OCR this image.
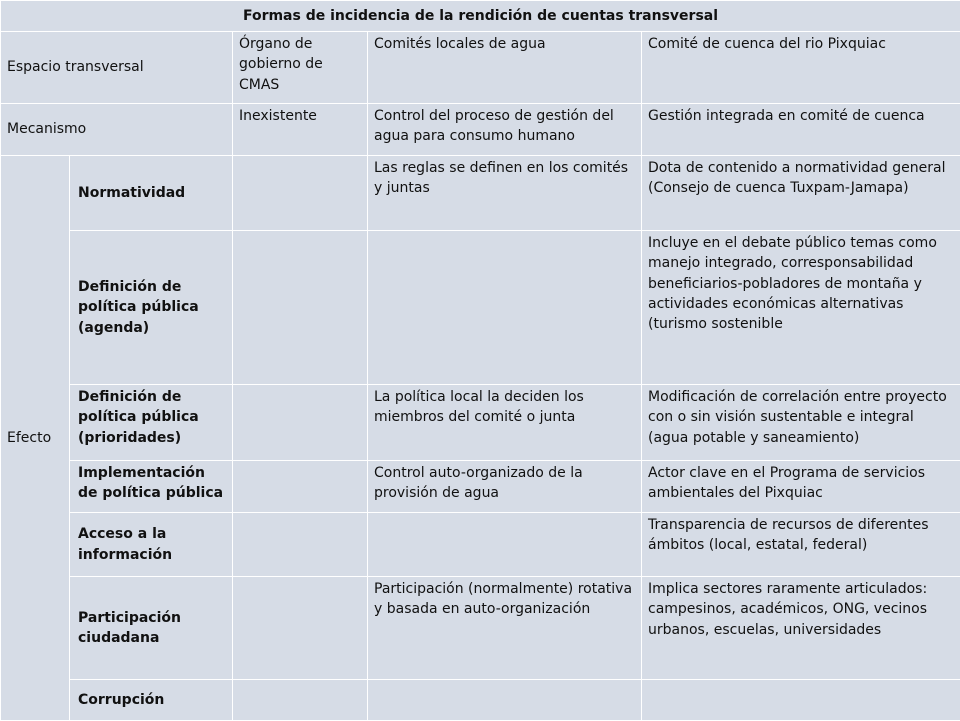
Formas de incidencia de la rendición de cuentas transversal				
Espacio transversal		Órgano de gobierno de CMAS	Comités locales de agua	Comité de cuenca del rio Pixquiac
Mecanismo		Inexistente	Control del proceso de gestión del agua para consumo humano	Gestión integrada en comité de cuenca
Efecto	Normatividad		Las reglas se definen en los comités y juntas	Dota de contenido a normatividad general (Consejo de cuenca Tuxpam-Jamapa)
	Definición de política pública (agenda)			Incluye en el debate público temas como manejo integrado, corresponsabilidad beneficiarios-pobladores de montaña y actividades económicas alternativas (turismo sostenible
	Definición de política pública (prioridades)		La política local la deciden los miembros del comité o junta	Modificación de correlación entre proyecto con o sin visión sustentable e integral (agua potable y saneamiento)
	Implementación de política pública		Control auto-organizado de la provisión de agua	Actor clave en el Programa de servicios ambientales del Pixquiac
	Acceso a la información			Transparencia de recursos de diferentes ámbitos (local, estatal, federal)
	Participación ciudadana		Participación (normalmente) rotativa y basada en auto-organización	Implica sectores raramente articulados: campesinos, académicos, ONG, vecinos urbanos, escuelas, universidades
	Corrupción			
